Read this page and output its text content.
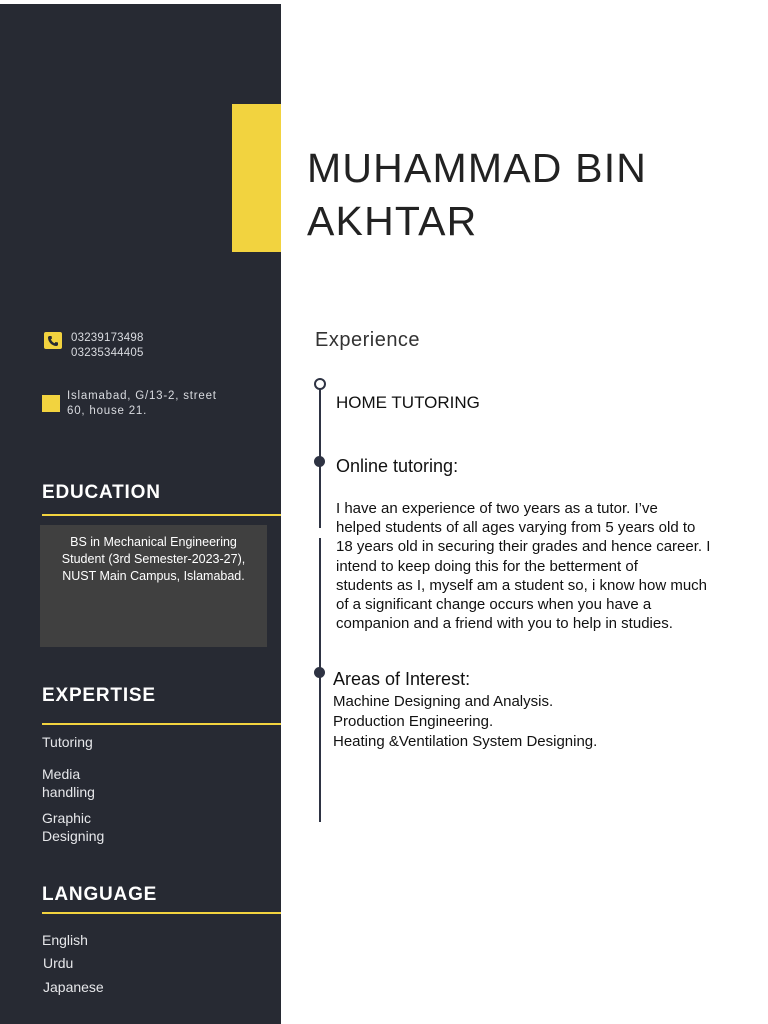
03239173498
03235344405
Islamabad, G/13-2, street
60, house 21.
EDUCATION
BS in Mechanical Engineering
Student (3rd Semester-2023-27),
NUST Main Campus, Islamabad.
EXPERTISE
Tutoring
Media
handling
Graphic
Designing
LANGUAGE
English
Urdu
Japanese
MUHAMMAD BIN
AKHTAR
Experience
HOME TUTORING
Online tutoring:
I have an experience of two years as a tutor. I’ve
helped students of all ages varying from 5 years old to
18 years old in securing their grades and hence career. I
intend to keep doing this for the betterment of
students as I, myself am a student so, i know how much
of a significant change occurs when you have a
companion and a friend with you to help in studies.
Areas of Interest:
Machine Designing and Analysis.
Production Engineering.
Heating &Ventilation System Designing.
